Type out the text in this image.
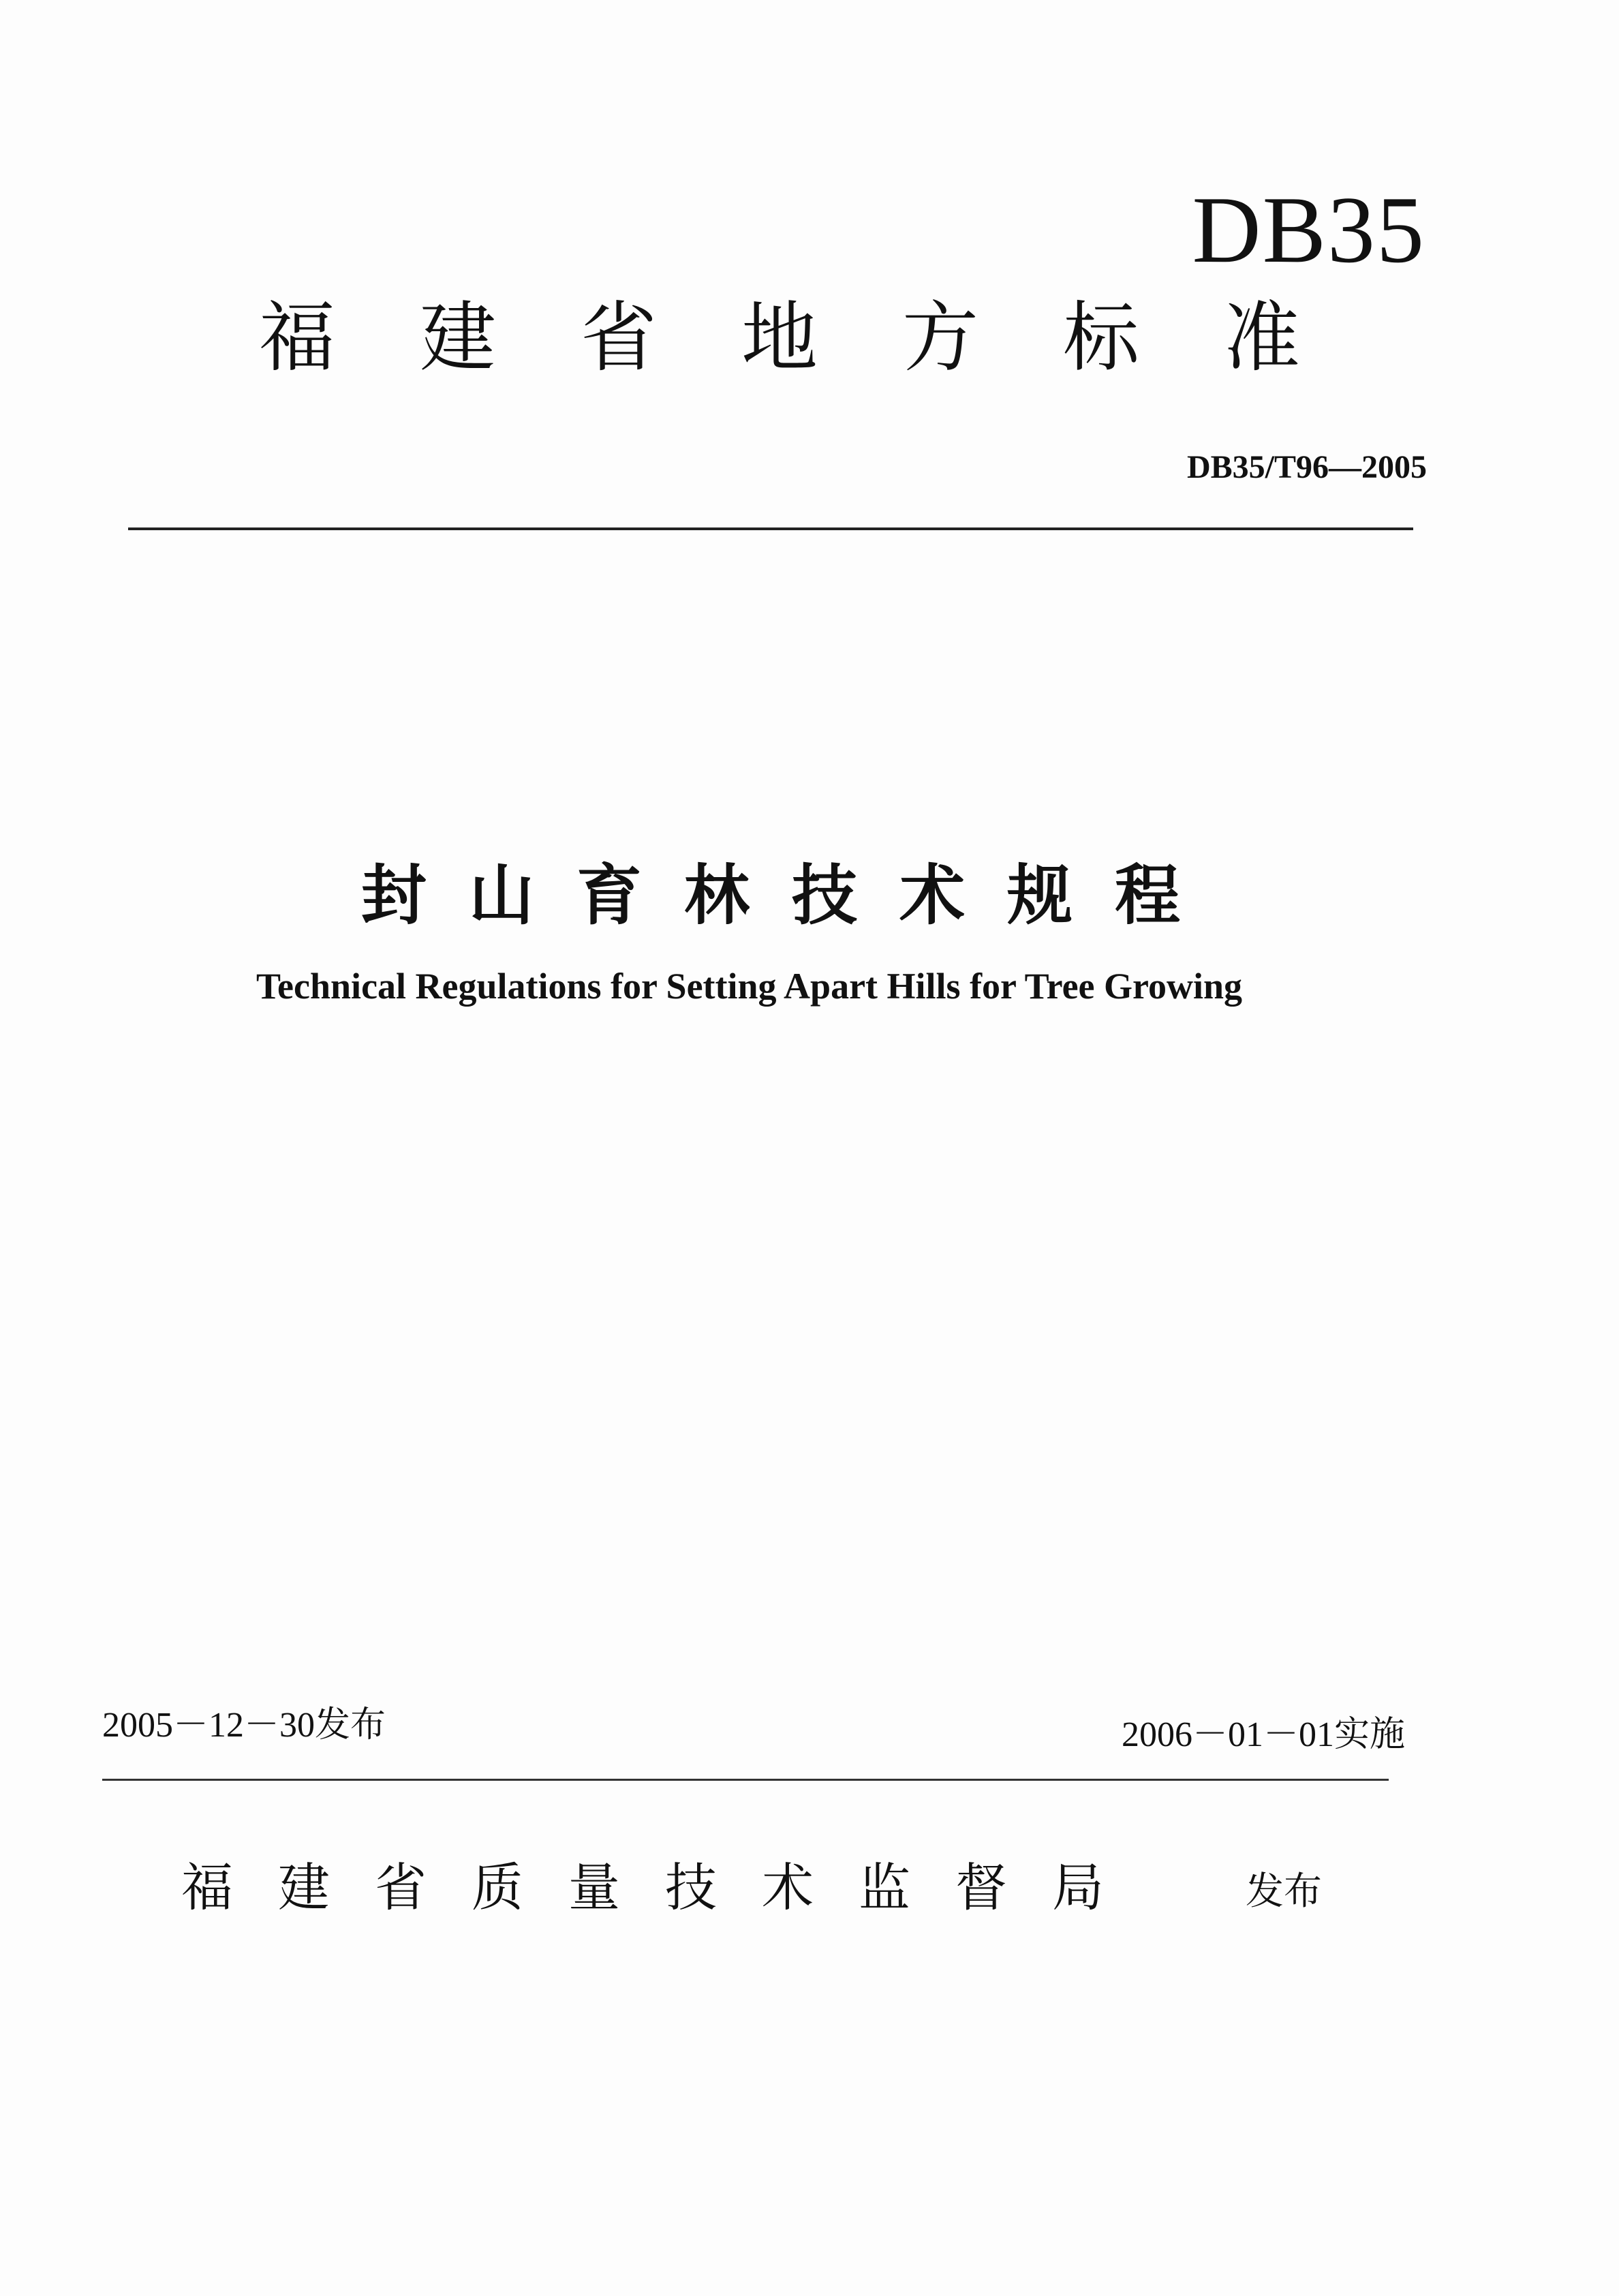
DB35
福建省地方标准
DB35/T96—2005
封山育林技术规程
Technical Regulations for Setting Apart Hills for Tree Growing
2005－12－30发布	2006－01－01实施
福建省质量技术监督局	发布
